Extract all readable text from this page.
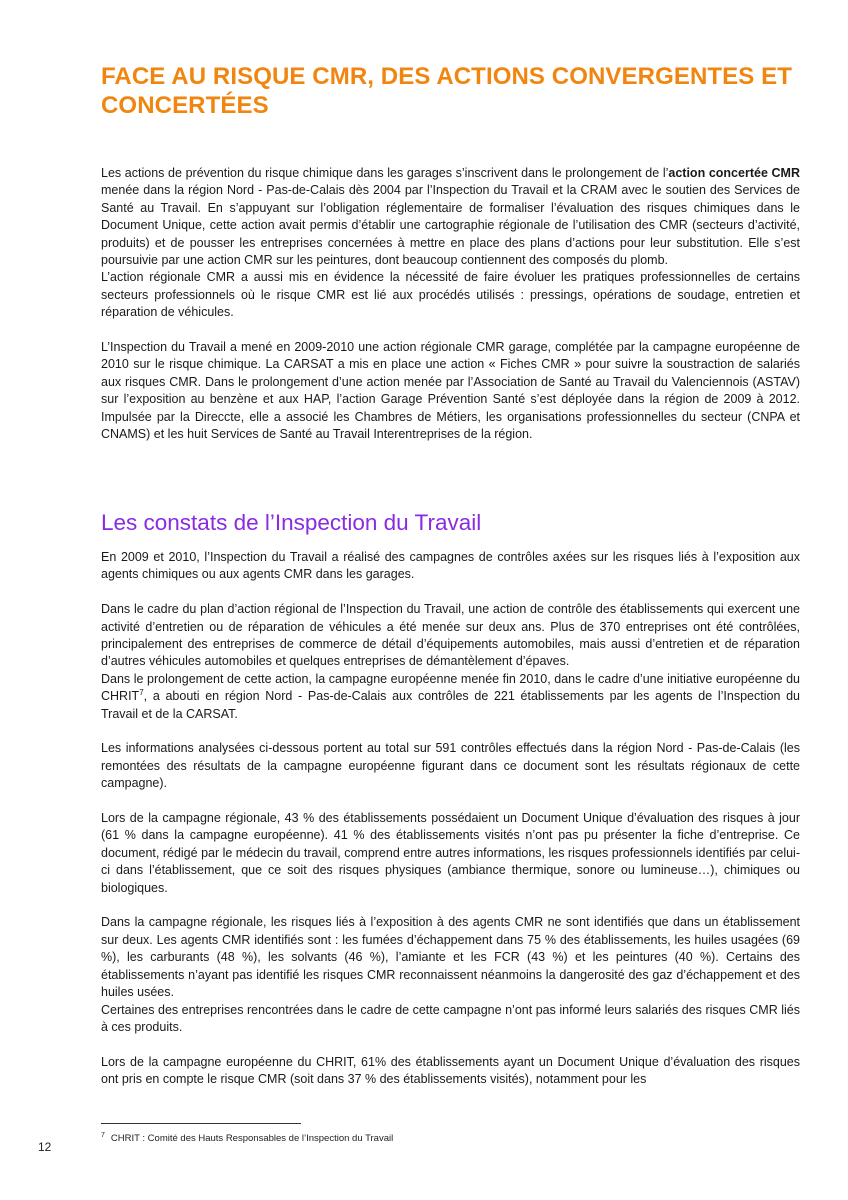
FACE AU RISQUE CMR, DES ACTIONS CONVERGENTES ET CONCERTÉES

Les actions de prévention du risque chimique dans les garages s’inscrivent dans le prolongement de l’action concertée CMR menée dans la région Nord - Pas-de-Calais dès 2004 par l’Inspection du Travail et la CRAM avec le soutien des Services de Santé au Travail. En s’appuyant sur l’obligation réglementaire de formaliser l’évaluation des risques chimiques dans le Document Unique, cette action avait permis d’établir une cartographie régionale de l’utilisation des CMR (secteurs d’activité, produits) et de pousser les entreprises concernées à mettre en place des plans d’actions pour leur substitution. Elle s’est poursuivie par une action CMR sur les peintures, dont beaucoup contiennent des composés du plomb.

L’action régionale CMR a aussi mis en évidence la nécessité de faire évoluer les pratiques professionnelles de certains secteurs professionnels où le risque CMR est lié aux procédés utilisés : pressings, opérations de soudage, entretien et réparation de véhicules.

L’Inspection du Travail a mené en 2009-2010 une action régionale CMR garage, complétée par la campagne européenne de 2010 sur le risque chimique. La CARSAT a mis en place une action « Fiches CMR » pour suivre la soustraction de salariés aux risques CMR. Dans le prolongement d’une action menée par l’Association de Santé au Travail du Valenciennois (ASTAV) sur l’exposition au benzène et aux HAP, l’action Garage Prévention Santé s’est déployée dans la région de 2009 à 2012. Impulsée par la Direccte, elle a associé les Chambres de Métiers, les organisations professionnelles du secteur (CNPA et CNAMS) et les huit Services de Santé au Travail Interentreprises de la région.

Les constats de l’Inspection du Travail

En 2009 et 2010, l’Inspection du Travail a réalisé des campagnes de contrôles axées sur les risques liés à l’exposition aux agents chimiques ou aux agents CMR dans les garages.

Dans le cadre du plan d’action régional de l’Inspection du Travail, une action de contrôle des établissements qui exercent une activité d’entretien ou de réparation de véhicules a été menée sur deux ans. Plus de 370 entreprises ont été contrôlées, principalement des entreprises de commerce de détail d’équipements automobiles, mais aussi d’entretien et de réparation d’autres véhicules automobiles et quelques entreprises de démantèlement d’épaves.

Dans le prolongement de cette action, la campagne européenne menée fin 2010, dans le cadre d’une initiative européenne du CHRIT$^7$, a abouti en région Nord - Pas-de-Calais aux contrôles de 221 établissements par les agents de l’Inspection du Travail et de la CARSAT.

Les informations analysées ci-dessous portent au total sur 591 contrôles effectués dans la région Nord - Pas-de-Calais (les remontées des résultats de la campagne européenne figurant dans ce document sont les résultats régionaux de cette campagne).

Lors de la campagne régionale, 43 % des établissements possédaient un Document Unique d’évaluation des risques à jour (61 % dans la campagne européenne). 41 % des établissements visités n’ont pas pu présenter la fiche d’entreprise. Ce document, rédigé par le médecin du travail, comprend entre autres informations, les risques professionnels identifiés par celui-ci dans l’établissement, que ce soit des risques physiques (ambiance thermique, sonore ou lumineuse…), chimiques ou biologiques.

Dans la campagne régionale, les risques liés à l’exposition à des agents CMR ne sont identifiés que dans un établissement sur deux. Les agents CMR identifiés sont : les fumées d’échappement dans 75 % des établissements, les huiles usagées (69 %), les carburants (48 %), les solvants (46 %), l’amiante et les FCR (43 %) et les peintures (40 %). Certains des établissements n’ayant pas identifié les risques CMR reconnaissent néanmoins la dangerosité des gaz d’échappement et des huiles usées.

Certaines des entreprises rencontrées dans le cadre de cette campagne n’ont pas informé leurs salariés des risques CMR liés à ces produits.

Lors de la campagne européenne du CHRIT, 61% des établissements ayant un Document Unique d’évaluation des risques ont pris en compte le risque CMR (soit dans 37 % des établissements visités), notamment pour les

$^7$ CHRIT : Comité des Hauts Responsables de l’Inspection du Travail
12
